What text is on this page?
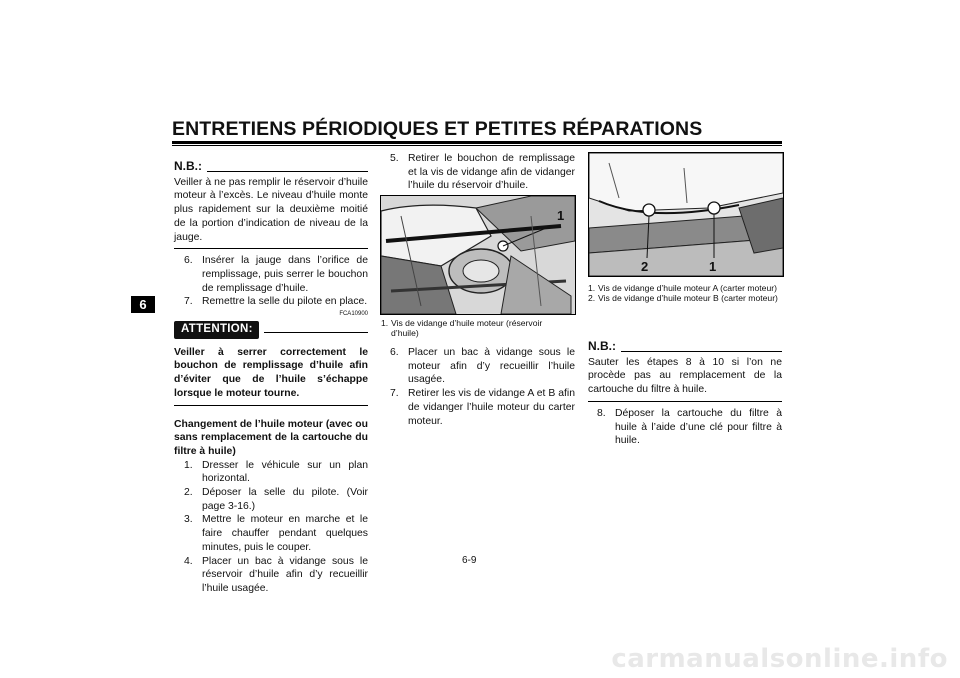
ENTRETIENS PÉRIODIQUES ET PETITES RÉPARATIONS
6
N.B.:
Veiller à ne pas remplir le réservoir d’huile moteur à l’excès. Le niveau d’huile monte plus rapidement sur la deuxième moitié de la portion d’indication de niveau de la jauge.
6. Insérer la jauge dans l’orifice de remplissage, puis serrer le bouchon de remplissage d’huile.
7. Remettre la selle du pilote en place.
FCA10900
ATTENTION:
Veiller à serrer correctement le bouchon de remplissage d’huile afin d’éviter que de l’huile s’échappe lorsque le moteur tourne.
Changement de l’huile moteur (avec ou sans remplacement de la cartouche du filtre à huile)
1. Dresser le véhicule sur un plan horizontal.
2. Déposer la selle du pilote. (Voir page 3-16.)
3. Mettre le moteur en marche et le faire chauffer pendant quelques minutes, puis le couper.
4. Placer un bac à vidange sous le réservoir d’huile afin d’y recueillir l’huile usagée.
5. Retirer le bouchon de remplissage et la vis de vidange afin de vidanger l’huile du réservoir d’huile.
1
1. Vis de vidange d’huile moteur (réservoir d’huile)
6. Placer un bac à vidange sous le moteur afin d’y recueillir l’huile usagée.
7. Retirer les vis de vidange A et B afin de vidanger l’huile moteur du carter moteur.
2	1
1. Vis de vidange d’huile moteur A (carter moteur)
2. Vis de vidange d’huile moteur B (carter moteur)
N.B.:
Sauter les étapes 8 à 10 si l’on ne procède pas au remplacement de la cartouche du filtre à huile.
8. Déposer la cartouche du filtre à huile à l’aide d’une clé pour filtre à huile.
6-9
carmanualsonline.info
